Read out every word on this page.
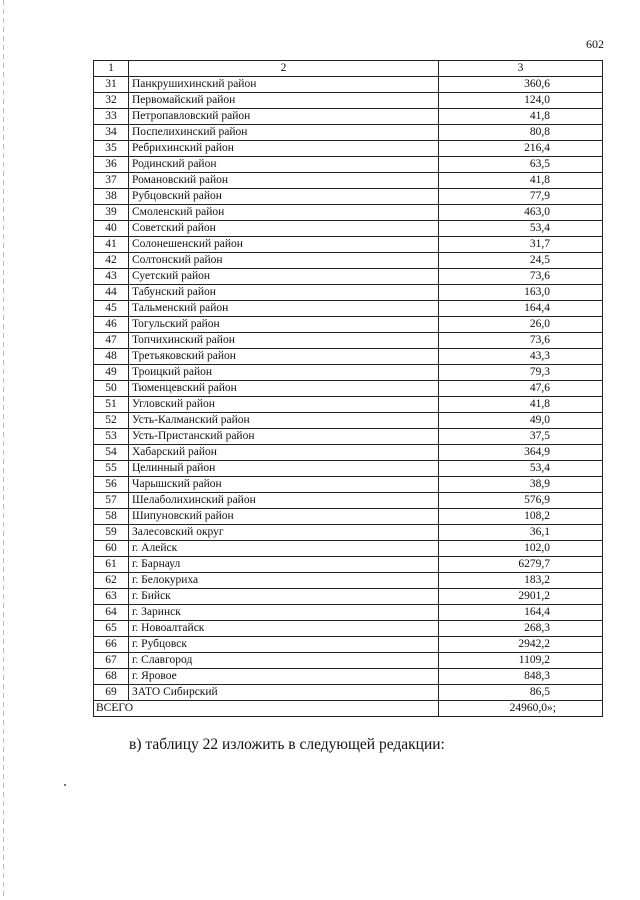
602
1	2	3
31	Панкрушихинский район	360,6
32	Первомайский район	124,0
33	Петропавловский район	41,8
34	Поспелихинский район	80,8
35	Ребрихинский район	216,4
36	Родинский район	63,5
37	Романовский район	41,8
38	Рубцовский район	77,9
39	Смоленский район	463,0
40	Советский район	53,4
41	Солонешенский район	31,7
42	Солтонский район	24,5
43	Суетский район	73,6
44	Табунский район	163,0
45	Тальменский район	164,4
46	Тогульский район	26,0
47	Топчихинский район	73,6
48	Третьяковский район	43,3
49	Троицкий район	79,3
50	Тюменцевский район	47,6
51	Угловский район	41,8
52	Усть-Калманский район	49,0
53	Усть-Пристанский район	37,5
54	Хабарский район	364,9
55	Целинный район	53,4
56	Чарышский район	38,9
57	Шелаболихинский район	576,9
58	Шипуновский район	108,2
59	Залесовский округ	36,1
60	г. Алейск	102,0
61	г. Барнаул	6279,7
62	г. Белокуриха	183,2
63	г. Бийск	2901,2
64	г. Заринск	164,4
65	г. Новоалтайск	268,3
66	г. Рубцовск	2942,2
67	г. Славгород	1109,2
68	г. Яровое	848,3
69	ЗАТО Сибирский	86,5
ВСЕГО		24960,0»;
в) таблицу 22 изложить в следующей редакции:
